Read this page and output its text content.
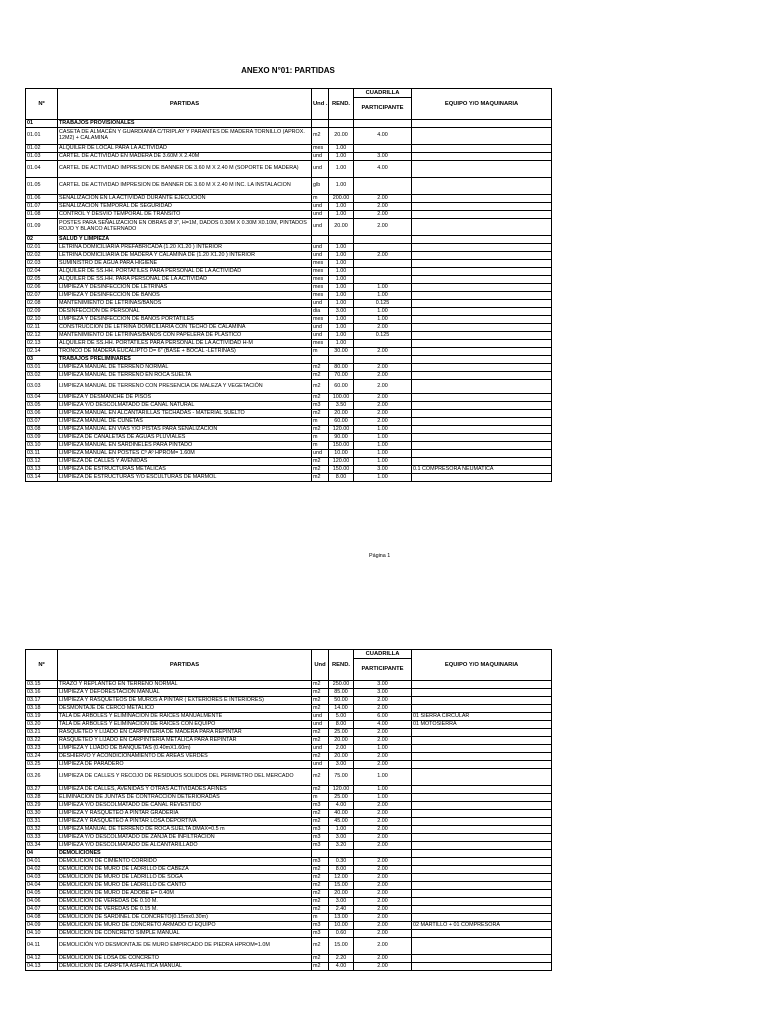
ANEXO N°01: PARTIDAS
Nº	PARTIDAS	Und .	REND.	CUADRILLA	EQUIPO Y/O MAQUINARIA
				PARTICIPANTE	
01	TRABAJOS PROVISIONALES				
01.01	CASETA DE ALMACÉN Y GUARDIANÍA C/TRIPLAY Y PARANTES DE MADERA TORNILLO (APROX. 12M2) + CALAMINA	m2	20.00	4.00	
01.02	ALQUILER DE LOCAL PARA LA ACTIVIDAD	mes	1.00		
01.03	CARTEL DE ACTIVIDAD EN MADERA DE 3.60M X 2.40M	und	1.00	3.00	
01.04	CARTEL DE ACTIVIDAD IMPRESION DE BANNER DE 3.60 M X 2.40 M (SOPORTE DE MADERA)	und	1.00	4.00	
01.05	CARTEL DE ACTIVIDAD IMPRESION DE BANNER DE 3.60 M X 2.40 M INC. LA INSTALACION	glb	1.00		
01.06	SEÑALIZACION EN LA ACTIVIDAD DURANTE EJECUCION	m	200.00	2.00	
01.07	SEÑALIZACION TEMPORAL DE SEGURIDAD	und	1.00	2.00	
01.08	CONTROL Y DESVÍO TEMPORAL DE TRANSITO	und	1.00	2.00	
01.09	POSTES PARA SEÑALIZACION EN OBRAS Ø 3", H=1M, DADOS 0.30M X 0.30M X0.10M, PINTADOS ROJO Y BLANCO ALTERNADO	und	20.00	2.00	
02	SALUD Y LIMPIEZA				
02.01	LETRINA DOMICILIARIA PREFABRICADA (1.20 X1.20 ) INTERIOR	und	1.00		
02.02	LETRINA DOMICILIARIA DE MADERA Y CALAMINA DE (1.20 X1.20 ) INTERIOR	und	1.00	2.00	
02.03	SUMINISTRO DE AGUA PARA HIGIENE	mes	1.00		
02.04	ALQUILER DE SS.HH. PORTATILES PARA PERSONAL DE LA ACTIVIDAD	mes	1.00		
02.05	ALQUILER DE SS.HH. PARA PERSONAL DE LA ACTIVIDAD	mes	1.00		
02.06	LIMPIEZA Y DESINFECCION DE LETRINAS	mes	1.00	1.00	
02.07	LIMPIEZA Y DESINFECCION DE BAÑOS	mes	1.00	1.00	
02.08	MANTENIMIENTO DE LETRINAS/BAÑOS	und	1.00	0.125	
02.09	DESINFECCION DE PERSONAL	dia	3.00	1.00	
02.10	LIMPIEZA Y DESINFECCION DE BAÑOS PORTATILES	mes	1.00	1.00	
02.11	CONSTRUCCION DE LETRINA DOMICILIARIA CON TECHO DE CALAMINA	und	1.00	2.00	
02.12	MANTENIMIENTO DE LETRINAS/BAÑOS CON PAPELERA DE PLASTICO	und	1.00	0.125	
02.13	ALQUILER DE SS.HH. PORTATILES PARA PERSONAL DE LA ACTIVIDAD H-M	mes	1.00		
02.14	TRONCO DE MADERA EUCALIPTO D= 6" (BASE + BOCAL -LETRINAS)	m	30.00	2.00	
03	TRABAJOS PRELIMINARES				
03.01	LIMPIEZA MANUAL DE TERRENO NORMAL	m2	80.00	2.00	
03.02	LIMPIEZA MANUAL DE TERRENO EN ROCA SUELTA	m2	70.00	2.00	
03.03	LIMPIEZA MANUAL DE TERRENO CON PRESENCIA DE MALEZA Y VEGETACIÓN	m2	60.00	2.00	
03.04	LIMPIEZA Y DESMANCHE DE PISOS	m2	100.00	2.00	
03.05	LIMPIEZA Y/O DESCOLMATADO DE CANAL NATURAL	m3	3.50	2.00	
03.06	LIMPIEZA MANUAL EN ALCANTARILLAS TECHADAS - MATERIAL SUELTO	m2	20.00	2.00	
03.07	LIMPIEZA MANUAL DE CUNETAS	m	60.00	2.00	
03.08	LIMPIEZA MANUAL EN VIAS Y/O PISTAS PARA SEÑALIZACIÓN	m2	120.00	1.00	
03.09	LIMPIEZA DE CANALETAS DE AGUAS PLUVIALES	m	90.00	1.00	
03.10	LIMPIEZA MANUAL EN SARDINELES PARA PINTADO	m	150.00	1.00	
03.11	LIMPIEZA MANUAL EN POSTES Cº Aº HPROM= 1.60M	und	10.00	1.00	
03.12	LIMPIEZA DE CALLES Y AVENIDAS	m2	120.00	1.00	
03.13	LIMPIEZA DE ESTRUCTURAS METALICAS	m2	150.00	3.00	0.1 COMPRESORA NEUMATICA
03.14	LIMPIEZA DE ESTRUCTURAS Y/O ESCULTURAS DE MARMOL	m2	8.00	1.00	
Página 1
Nº	PARTIDAS	Und	REND.	CUADRILLA	EQUIPO Y/O MAQUINARIA
				PARTICIPANTE	
03.15	TRAZO Y REPLANTEO EN TERRENO NORMAL	m2	250.00	3.00	
03.16	LIMPIEZA Y DEFORESTACION MANUAL	m2	85.00	3.00	
03.17	LIMPIEZA Y RASQUETEOS DE MUROS A PINTAR ( EXTERIORES E INTERIORES)	m2	50.00	2.00	
03.18	DESMONTAJE DE CERCO METALICO	m2	14.00	2.00	
03.19	TALA DE ARBOLES Y ELIMINACIÓN DE RAICES MANUALMENTE	und	5.00	6.00	01 SIERRA CIRCULAR
03.20	TALA DE ARBOLES Y ELIMINACIÓN DE RAICES CON EQUIPO	und	8.00	4.00	01 MOTOSIERRA
03.21	RASQUETEO Y LIJADO EN CARPINTERÍA DE MADERA PARA REPINTAR	m2	25.00	2.00	
03.22	RASQUETEO Y LIJADO EN CARPINTERÍA METÁLICA PARA REPINTAR	m2	20.00	2.00	
03.23	LIMPIEZA Y LIJADO DE BANQUETAS (0.40mX1.60m)	und	2.00	1.00	
03.24	DESHIERVO Y ACONDICIONAMIENTO DE AREAS VERDES	m2	20.00	2.00	
03.25	LIMPIEZA DE PARADERO	und	3.00	2.00	
03.26	LIMPIEZA DE CALLES Y RECOJO DE RESIDUOS SOLIDOS DEL PERIMETRO DEL MERCADO	m2	75.00	1.00	
03.27	LIMPIEZA DE CALLES, AVENIDAS Y OTRAS ACTIVIDADES AFINES	m2	120.00	1.00	
03.28	ELIMINACION DE JUNTAS DE CONTRACCION DETERIORADAS	m	25.00	1.00	
03.29	LIMPIEZA Y/O DESCOLMATADO DE CANAL REVESTIDO	m3	4.00	2.00	
03.30	LIMPIEZA Y RASQUETEO A PINTAR GRADERIA	m2	40.00	2.00	
03.31	LIMPIEZA Y RASQUETEO A PINTAR LOSA DEPORTIVA	m2	45.00	2.00	
03.32	LIMPIEZA MANUAL DE TERRENO DE ROCA SUELTA DMAX=0.5 m	m3	1.00	2.00	
03.33	LIMPIEZA Y/O DESCOLMATADO DE ZANJA DE INFILTRACION	m3	3.00	2.00	
03.34	LIMPIEZA Y/O DESCOLMATADO DE ALCANTARILLADO	m3	3.20	2.00	
04	DEMOLICIONES				
04.01	DEMOLICION DE CIMIENTO CORRIDO	m3	0.30	2.00	
04.02	DEMOLICION DE MURO DE LADRILLO DE CABEZA	m2	8.00	2.00	
04.03	DEMOLICION DE MURO DE LADRILLO DE SOGA	m2	12.00	2.00	
04.04	DEMOLICION DE MURO DE LADRILLO DE CANTO	m2	15.00	2.00	
04.05	DEMOLICION DE MURO DE ADOBE E= 0.40M	m2	20.00	2.00	
04.06	DEMOLICION DE VEREDAS DE 0.10 M.	m2	3.00	2.00	
04.07	DEMOLICION DE VEREDAS DE 0.15 M.	m2	2.40	2.00	
04.08	DEMOLICION DE SARDINEL DE CONCRETO(0.15mx0.30m)	m	13.00	2.00	
04.09	DEMOLICION DE MURO DE CONCRETO ARMADO C/ EQUIPO	m3	10.00	2.00	02 MARTILLO + 01 COMPRESORA
04.10	DEMOLICION DE CONCRETO SIMPLE MANUAL	m3	0.60	2.00	
04.11	DEMOLICIÓN Y/O DESMONTAJE DE MURO EMPIRCADO DE PIEDRA HPROM=1.0M	m2	15.00	2.00	
04.12	DEMOLICIÓN DE LOSA DE CONCRETO	m2	2.20	2.00	
04.13	DEMOLICIÓN DE CARPETA ASFALTICA MANUAL	m2	4.00	2.00	
